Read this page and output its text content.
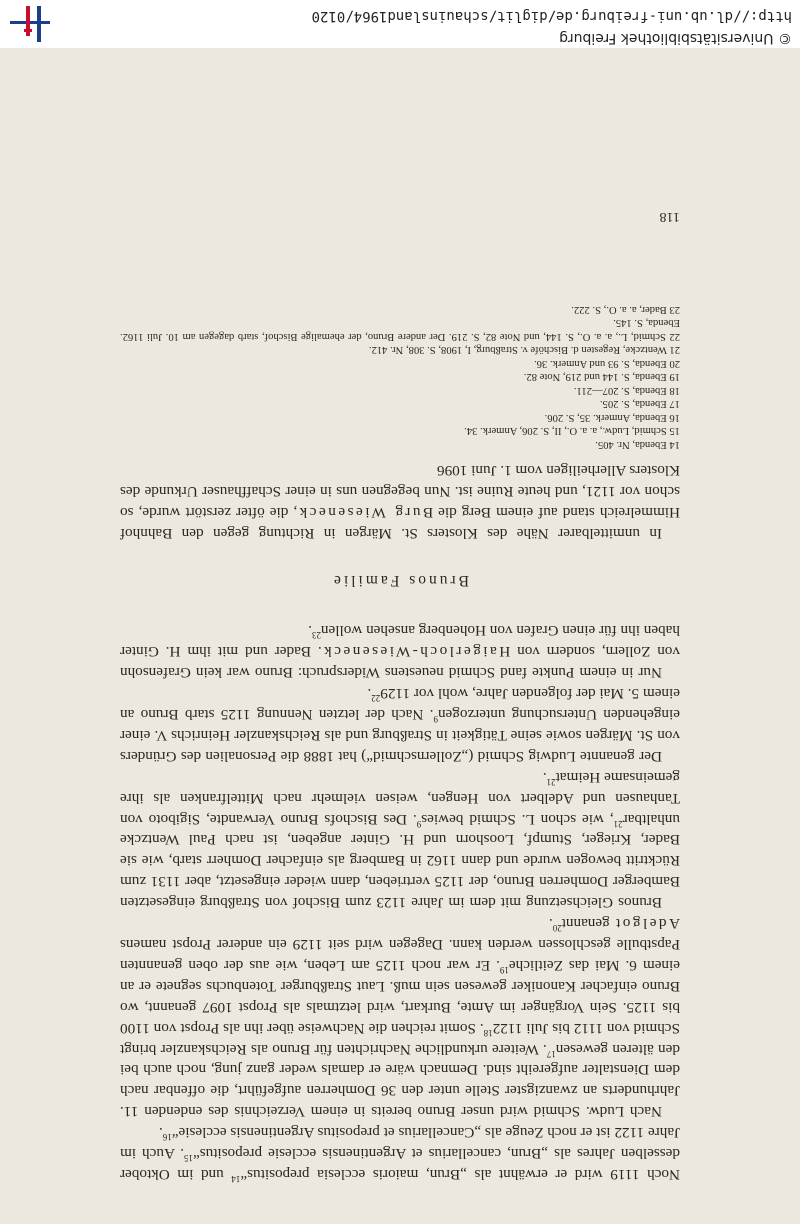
Noch 1119 wird er erwähnt als „Brun, maioris ecclesia prepositus“$^{14}$ und im Oktober desselben Jahres als „Brun, cancellarius et Argentinensis ecclesie prepositus“$^{15}$. Auch im Jahre 1122 ist er noch Zeuge als „Cancellarius et prepositus Argentinensis ecclesie“$^{16}$.

Nach Ludw. Schmid wird unser Bruno bereits in einem Verzeichnis des endenden 11. Jahrhunderts an zwanzigster Stelle unter den 36 Domherren aufgeführt, die offenbar nach dem Dienstalter aufgereiht sind. Demnach wäre er damals weder ganz jung, noch auch bei den älteren gewesen$^{17}$. Weitere urkundliche Nachrichten für Bruno als Reichskanzler bringt Schmid von 1112 bis Juli 1122$^{18}$. Somit reichen die Nachweise über ihn als Propst von 1100 bis 1125. Sein Vorgänger im Amte, Burkart, wird letztmals als Propst 1097 genannt, wo Bruno einfacher Kanoniker gewesen sein muß. Laut Straßburger Totenbuchs segnete er an einem 6. Mai das Zeitliche$^{19}$. Er war noch 1125 am Leben, wie aus der oben genannten Papstbulle geschlossen werden kann. Dagegen wird seit 1129 ein anderer Propst namens Adelgot genannt$^{20}$.

Brunos Gleichsetzung mit dem im Jahre 1123 zum Bischof von Straßburg eingesetzten Bamberger Domherren Bruno, der 1125 vertrieben, dann wieder eingesetzt, aber 1131 zum Rücktritt bewogen wurde und dann 1162 in Bamberg als einfacher Domherr starb, wie sie Bader, Krieger, Stumpf, Looshorn und H. Ginter angeben, ist nach Paul Wentzcke unhaltbar$^{21}$, wie schon L. Schmid bewies$^9$. Des Bischofs Bruno Verwandte, Sigiboto von Tanhausen und Adelbert von Hengen, weisen vielmehr nach Mittelfranken als ihre gemeinsame Heimat$^{21}$.

Der genannte Ludwig Schmid („Zollernschmid“) hat 1888 die Personalien des Gründers von St. Märgen sowie seine Tätigkeit in Straßburg und als Reichskanzler Heinrichs V. einer eingehenden Untersuchung unterzogen$^9$. Nach der letzten Nennung 1125 starb Bruno an einem 5. Mai der folgenden Jahre, wohl vor 1129$^{22}$.

Nur in einem Punkte fand Schmid neuestens Widerspruch: Bruno war kein Grafensohn von Zollern, sondern von Haigerloch-Wieseneck. Bader und mit ihm H. Ginter haben ihn für einen Grafen von Hohenberg ansehen wollen$^{23}$.

Brunos Familie

In unmittelbarer Nähe des Klosters St. Märgen in Richtung gegen den Bahnhof Himmelreich stand auf einem Berg die Burg Wieseneck, die öfter zerstört wurde, so schon vor 1121, und heute Ruine ist. Nun begegnen uns in einer Schaffhauser Urkunde des Klosters Allerheiligen vom 1. Juni 1096

14 Ebenda, Nr. 405.
15 Schmid, Ludw., a. a. O., II, S. 206, Anmerk. 34.
16 Ebenda, Anmerk. 35, S. 206.
17 Ebenda, S. 205.
18 Ebenda, S. 207—211.
19 Ebenda, S. 144 und 219, Note 82.
20 Ebenda, S. 93 und Anmerk. 36.
21 Wentzcke, Regesten d. Bischöfe v. Straßburg, I, 1908, S. 308, Nr. 412.
22 Schmid, L., a. a. O., S. 144, und Note 82, S. 219. Der andere Bruno, der ehemalige Bischof, starb dagegen am 10. Juli 1162. Ebenda, S. 145.
23 Bader, a. a. O., S. 222.
118
© Universitätsbibliothek Freiburg
http://dl.ub.uni-freiburg.de/diglit/schauinsland1964/0120
